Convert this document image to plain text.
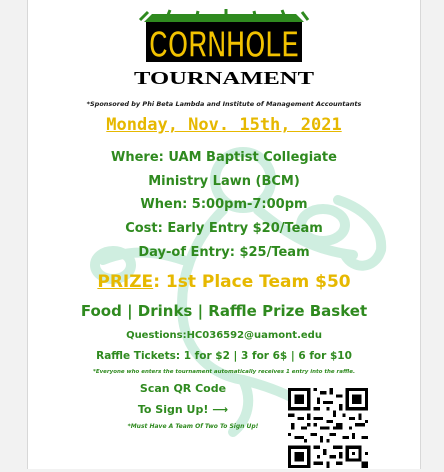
CORNHOLE
TOURNAMENT
*Sponsored by Phi Beta Lambda and Institute of Management Accountants
Monday, Nov. 15th, 2021
Where: UAM Baptist Collegiate
Ministry Lawn (BCM)
When: 5:00pm-7:00pm
Cost: Early Entry $20/Team
Day-of Entry: $25/Team
PRIZE: 1st Place Team $50
Food | Drinks | Raffle Prize Basket
Questions:HC036592@uamont.edu
Raffle Tickets: 1 for $2 | 3 for 6$ | 6 for $10
*Everyone who enters the tournament automatically receives 1 entry into the raffle.
Scan QR Code
To Sign Up! ⟶
*Must Have A Team Of Two To Sign Up!
